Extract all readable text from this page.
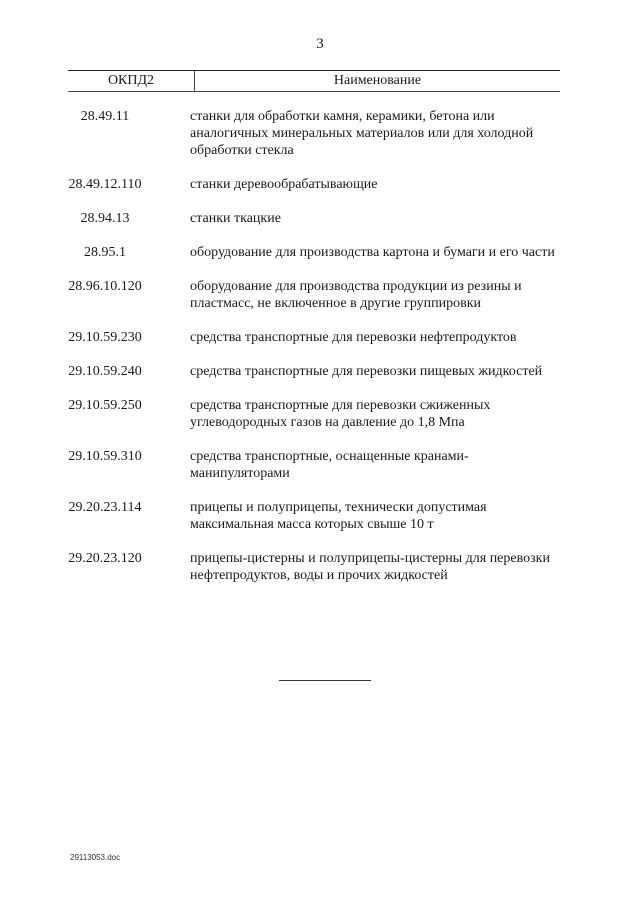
3
ОКПД2	Наименование
28.49.11	станки для обработки камня, керамики, бетона или аналогичных минеральных материалов или для холодной обработки стекла
28.49.12.110	станки деревообрабатывающие
28.94.13	станки ткацкие
28.95.1	оборудование для производства картона и бумаги и его части
28.96.10.120	оборудование для производства продукции из резины и пластмасс, не включенное в другие группировки
29.10.59.230	средства транспортные для перевозки нефтепродуктов
29.10.59.240	средства транспортные для перевозки пищевых жидкостей
29.10.59.250	средства транспортные для перевозки сжиженных углеводородных газов на давление до 1,8 Мпа
29.10.59.310	средства транспортные, оснащенные кранами-манипуляторами
29.20.23.114	прицепы и полуприцепы, технически допустимая максимальная масса которых свыше 10 т
29.20.23.120	прицепы-цистерны и полуприцепы-цистерны для перевозки нефтепродуктов, воды и прочих жидкостей
29113053.doc
